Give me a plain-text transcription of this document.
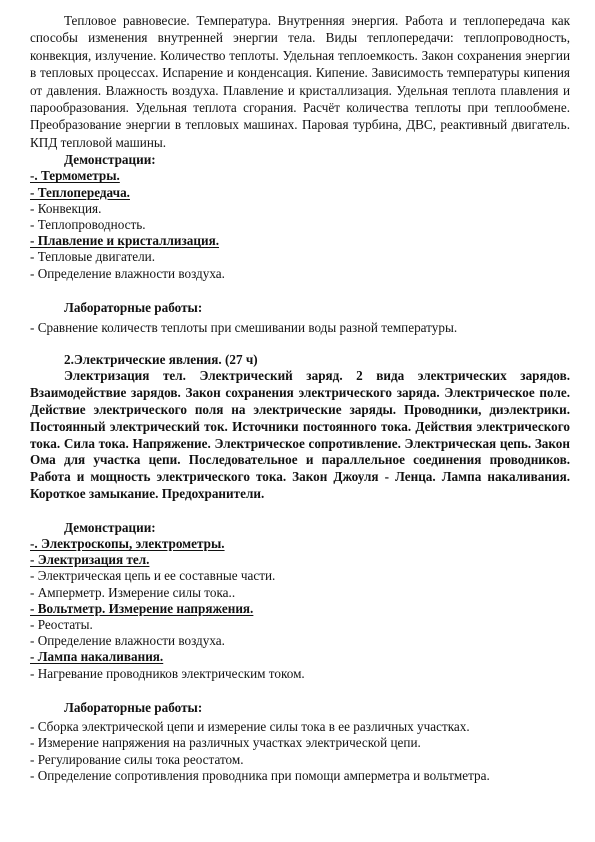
Тепловое равновесие. Температура. Внутренняя энергия. Работа и теплопередача как способы изменения внутренней энергии тела. Виды теплопередачи: теплопроводность, конвекция, излучение. Количество теплоты. Удельная теплоемкость. Закон сохранения энергии в тепловых процессах. Испарение и конденсация. Кипение. Зависимость температуры кипения от давления. Влажность воздуха. Плавление и кристаллизация. Удельная теплота плавления и парообразования. Удельная теплота сгорания. Расчёт количества теплоты при теплообмене. Преобразование энергии в тепловых машинах. Паровая турбина, ДВС, реактивный двигатель. КПД тепловой машины.

Демонстрации:

-. Термометры.

- Теплопередача.

- Конвекция.

- Теплопроводность.

- Плавление и кристаллизация.

- Тепловые двигатели.

- Определение влажности воздуха.

Лабораторные работы:

- Сравнение количеств теплоты при смешивании воды разной температуры.

2.Электрические явления. (27 ч)

Электризация тел. Электрический заряд. 2 вида электрических зарядов. Взаимодействие зарядов. Закон сохранения электрического заряда. Электрическое поле. Действие электрического поля на электрические заряды. Проводники, диэлектрики. Постоянный электрический ток. Источники постоянного тока. Действия электрического тока. Сила тока. Напряжение. Электрическое сопротивление. Электрическая цепь. Закон Ома для участка цепи. Последовательное и параллельное соединения проводников. Работа и мощность электрического тока. Закон Джоуля - Ленца. Лампа накаливания. Короткое замыкание. Предохранители.

Демонстрации:

-. Электроскопы, электрометры.

- Электризация тел.

- Электрическая цепь и ее составные части.

- Амперметр. Измерение силы тока..

- Вольтметр. Измерение напряжения.

- Реостаты.

- Определение влажности воздуха.

- Лампа накаливания.

- Нагревание проводников электрическим током.

Лабораторные работы:

- Сборка электрической цепи и измерение силы тока в ее различных участках.

- Измерение напряжения на различных участках электрической цепи.

- Регулирование силы тока реостатом.

- Определение сопротивления проводника при помощи амперметра и вольтметра.
